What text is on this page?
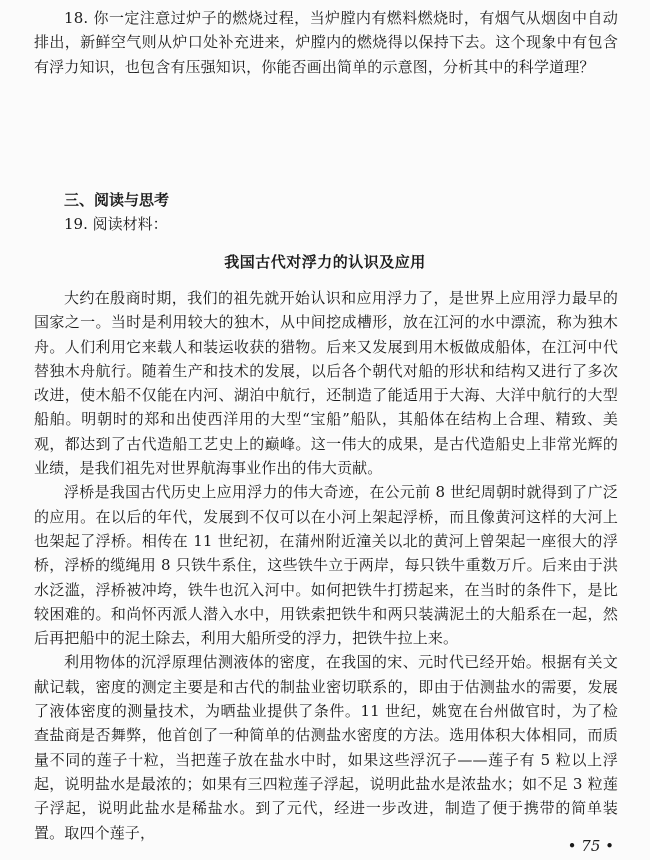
18. 你一定注意过炉子的燃烧过程，当炉膛内有燃料燃烧时，有烟气从烟囱中自动排出，新鲜空气则从炉口处补充进来，炉膛内的燃烧得以保持下去。这个现象中有包含有浮力知识，也包含有压强知识，你能否画出简单的示意图，分析其中的科学道理？

三、阅读与思考
19. 阅读材料：
我国古代对浮力的认识及应用

大约在殷商时期，我们的祖先就开始认识和应用浮力了，是世界上应用浮力最早的国家之一。当时是利用较大的独木，从中间挖成槽形，放在江河的水中漂流，称为独木舟。人们利用它来载人和装运收获的猎物。后来又发展到用木板做成船体，在江河中代替独木舟航行。随着生产和技术的发展，以后各个朝代对船的形状和结构又进行了多次改进，使木船不仅能在内河、湖泊中航行，还制造了能适用于大海、大洋中航行的大型船舶。明朝时的郑和出使西洋用的大型“宝船”船队，其船体在结构上合理、精致、美观，都达到了古代造船工艺史上的巅峰。这一伟大的成果，是古代造船史上非常光辉的业绩，是我们祖先对世界航海事业作出的伟大贡献。

浮桥是我国古代历史上应用浮力的伟大奇迹，在公元前 8 世纪周朝时就得到了广泛的应用。在以后的年代，发展到不仅可以在小河上架起浮桥，而且像黄河这样的大河上也架起了浮桥。相传在 11 世纪初，在蒲州附近潼关以北的黄河上曾架起一座很大的浮桥，浮桥的缆绳用 8 只铁牛系住，这些铁牛立于两岸，每只铁牛重数万斤。后来由于洪水泛滥，浮桥被冲垮，铁牛也沉入河中。如何把铁牛打捞起来，在当时的条件下，是比较困难的。和尚怀丙派人潜入水中，用铁索把铁牛和两只装满泥土的大船系在一起，然后再把船中的泥土除去，利用大船所受的浮力，把铁牛拉上来。

利用物体的沉浮原理估测液体的密度，在我国的宋、元时代已经开始。根据有关文献记载，密度的测定主要是和古代的制盐业密切联系的，即由于估测盐水的需要，发展了液体密度的测量技术，为晒盐业提供了条件。11 世纪，姚宽在台州做官时，为了检查盐商是否舞弊，他首创了一种简单的估测盐水密度的方法。选用体积大体相同，而质量不同的莲子十粒，当把莲子放在盐水中时，如果这些浮沉子——莲子有 5 粒以上浮起，说明盐水是最浓的；如果有三四粒莲子浮起，说明此盐水是浓盐水；如不足 3 粒莲子浮起，说明此盐水是稀盐水。到了元代，经进一步改进，制造了便于携带的简单装置。取四个莲子，

• 75 •
